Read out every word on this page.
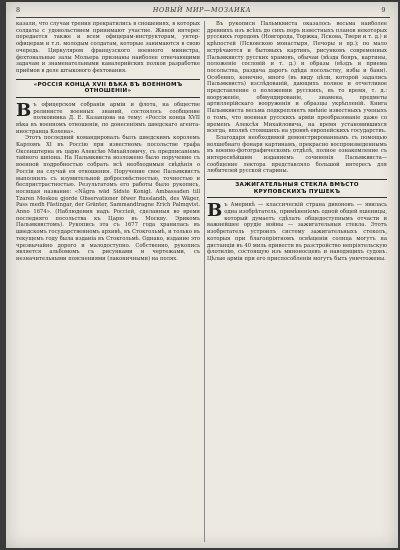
8	НОВЫЙ МИР—МОЗАИКА	9

казали, что случаи трения прекратились в сношениях, в которых солдаты с удовольствием принимают участие. Живой интерес передается также и всем офицерам-инструкторам, унтер-офицерам и т.п. молодым солдатам, которые занимаются в свою очередь. Циркуляром французского военного министра, фехтовальные залы Мольера признаны наиболее отвечающими задачам и знаменательными кавалерийских полков разработке приёмов в деле штыкового фехтования.

«РОССІЯ КОНЦА XVII ВѢКА ВЪ ВОЕННОМЪ ОТНОШЕНІИ»

Въ офицерском собраніи арміи и флота, на обществе релинисте военных знаний, состоялось сообщение полковника Д. Е. Казанцова на тему: «Россія конца XVII вѣка въ военномъ отношеніи, по донесеніямъ шведскаго агента-иностранца Кохена».

Этотъ последний командировалъ былъ шведскимъ королемъ Карломъ XI въ Россію при известномъ посольстве графа Оксенштерна въ царю Алексѣю Михайловичу, съ предписаніемъ тайного шпіона. На Пальмквиста возложено было поручение съ военной подробностью собрать всѣ необходимыя свѣдѣнія о Россіи на случай ея отношения. Поручение свое Пальмквистъ выполнилъ съ изумительной добросовѣстностью, точностью и беспристрастностью. Результатомъ его работы было рукопись, носящая название: «Några wäd Sidste Konigl. Ambassaden till Tzaren Moskou gjorde Observationer öfwer Russlandh, des Wäger, Pass medh Fästingar, der Gränter, Sammandtragne Erich Palmqvist. Anno 1674». (Наблюдения надъ Россіей, сделанныя во время последняго посольства къ Царю въ Москву. Эрикомъ Пальмквистомъ). Рукопись эта съ 1677 года хранилась въ шведскомъ государственномъ архивѣ, въ Стокгольмѣ, и только въ текущемъ году была изданіа въ Стокгольмѣ. Однако, издание это чрезвычайно дорого и малодоступно. Собственно, рукопись является альбомомъ съ рисунками и чертежами, съ незначительными пояснениями (лаконичными) на полях.

Въ рукописи Пальмквиста оказалось весьма наиболее древнихъ изъ всѣхъ до сихъ поръ известныхъ планов некоторых русскихъ городовъ (Новгорода, Торжка, Пскова, Твери и т. д.) и крѣпостей (Псковскою монастыря, Печоры и пр.); по мало встрѣчаются и бытовыхъ картинъ, рисунковъ современных Пальмквисту русских храмовъ, обычаи (вѣзда бояръ, картины, положеніе сословій и т. д.) и образы (вѣздъ и приема посольства, раздача дарогъ одѣда посольству, избы и бани). Особенно, конечно, много (въ виду цѣли, которой задались Пальмквистъ) изслѣдованій, дающихъ полное и отчетливое представление о положении русскихъ, въ то время, т. д.: вооруженіе, обмундированіе, знамена, предметы артиллерійскаго вооруженія и образцы укрѣпленій. Книга Пальмквиста весьма подкрепляетъ мнѣніе известныхъ ученыхъ о томъ, что военная русскихъ арміи преобразованіе даже со временъ Алексѣя Михайловича, на время установившихся всегда, вполнѣ стоявшихъ на уровнѣ европейскихъ государствъ.

Благодаря необходимой демонстрированнымъ съ помощью волшебнаго фонаря картинамъ, прекрасно воспроизведеннымъ въ военно-фотографическомъ отдѣлѣ, полное ознакомление съ интереснѣйшим изданиемъ сочиненія Пальмквиста—сообщение лектора представляло большой интересъ для любителей русской старины.

ЗАЖИГАТЕЛЬНЫЯ СТЕКЛА ВМѢСТО КРУПОВСКИХЪ ПУШЕКЪ

Въ Америкѣ — классическій страна дивоновъ — явилась одна изобрѣтатель, примѣненіемъ одной общей пшеницы, который думаетъ сдѣлать общедоступнымъ отчасти и важнейшее орудіе войны — зажигательныя стекла. Этотъ изобретатель устроилъ систему зажигательныхъ стеколъ, которыя при благопріятномъ освѣщеніи солнца могутъ на дистанціи въ 40 миль привести въ разстройство непріятельскую флотилію, состоящую изъ миноносцевъ и наводящихъ судовъ. Цѣлые арміи при его приспособленіи могутъ быть уничтожены.
